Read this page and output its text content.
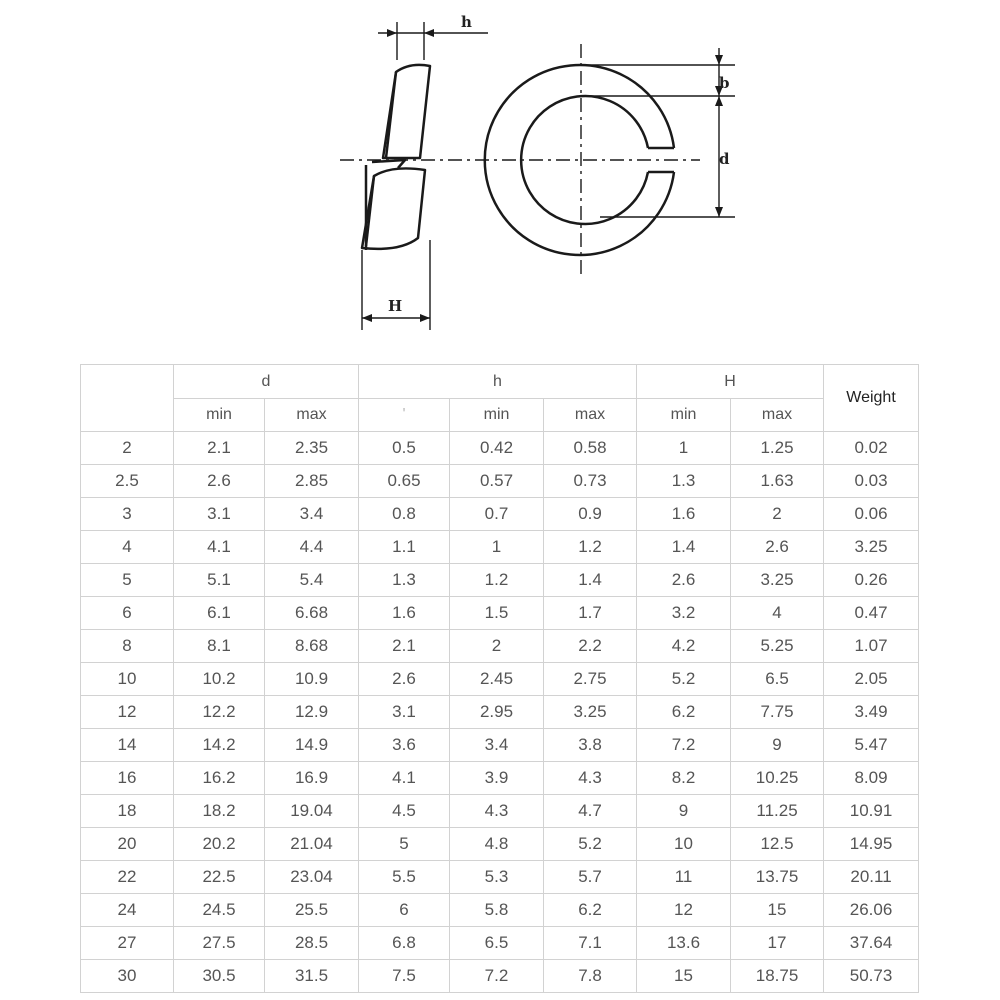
h
H
b
d
	d		h			H		Weight
	min	max	'	min	max	min	max	
2	2.1	2.35	0.5	0.42	0.58	1	1.25	0.02
2.5	2.6	2.85	0.65	0.57	0.73	1.3	1.63	0.03
3	3.1	3.4	0.8	0.7	0.9	1.6	2	0.06
4	4.1	4.4	1.1	1	1.2	1.4	2.6	3.25
5	5.1	5.4	1.3	1.2	1.4	2.6	3.25	0.26
6	6.1	6.68	1.6	1.5	1.7	3.2	4	0.47
8	8.1	8.68	2.1	2	2.2	4.2	5.25	1.07
10	10.2	10.9	2.6	2.45	2.75	5.2	6.5	2.05
12	12.2	12.9	3.1	2.95	3.25	6.2	7.75	3.49
14	14.2	14.9	3.6	3.4	3.8	7.2	9	5.47
16	16.2	16.9	4.1	3.9	4.3	8.2	10.25	8.09
18	18.2	19.04	4.5	4.3	4.7	9	11.25	10.91
20	20.2	21.04	5	4.8	5.2	10	12.5	14.95
22	22.5	23.04	5.5	5.3	5.7	11	13.75	20.11
24	24.5	25.5	6	5.8	6.2	12	15	26.06
27	27.5	28.5	6.8	6.5	7.1	13.6	17	37.64
30	30.5	31.5	7.5	7.2	7.8	15	18.75	50.73
